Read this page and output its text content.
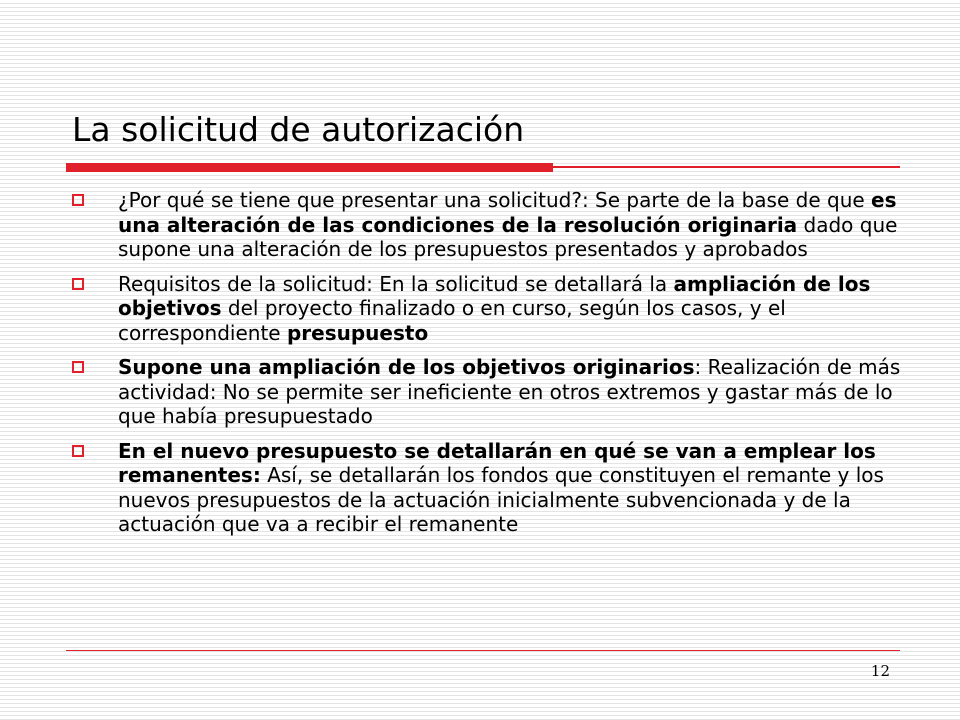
La solicitud de autorización
¿Por qué se tiene que presentar una solicitud?: Se parte de la base de que es una alteración de las condiciones de la resolución originaria dado que supone una alteración de los presupuestos presentados y aprobados
Requisitos de la solicitud: En la solicitud se detallará la ampliación de los objetivos del proyecto finalizado o en curso, según los casos, y el correspondiente presupuesto
Supone una ampliación de los objetivos originarios: Realización de más actividad: No se permite ser ineficiente en otros extremos y gastar más de lo que había presupuestado
En el nuevo presupuesto se detallarán en qué se van a emplear los remanentes: Así, se detallarán los fondos que constituyen el remante y los nuevos presupuestos de la actuación inicialmente subvencionada y de la actuación que va a recibir el remanente
12
